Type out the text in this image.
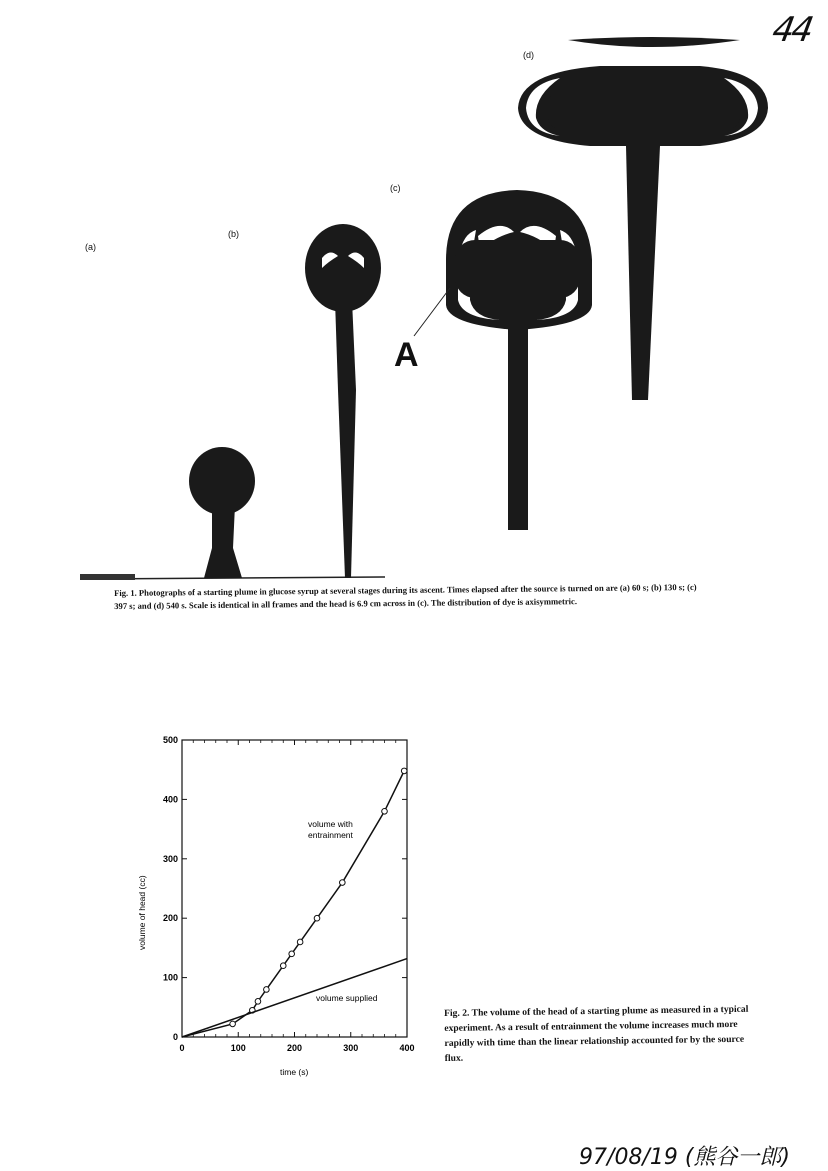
44
(a)
(b)
(c)
(d)
A
Fig. 1. Photographs of a starting plume in glucose syrup at several stages during its ascent. Times elapsed after the source is turned on are (a) 60 s; (b) 130 s; (c) 397 s; and (d) 540 s. Scale is identical in all frames and the head is 6.9 cm across in (c). The distribution of dye is axisymmetric.
0	100	200	300	400
0
100
200
300
400
500
volume with
entrainment
volume supplied
time (s)
volume of head (cc)
Fig. 2. The volume of the head of a starting plume as measured in a typical experiment. As a result of entrainment the volume increases much more rapidly with time than the linear relationship accounted for by the source flux.
97/08/19 (熊谷一郎)
